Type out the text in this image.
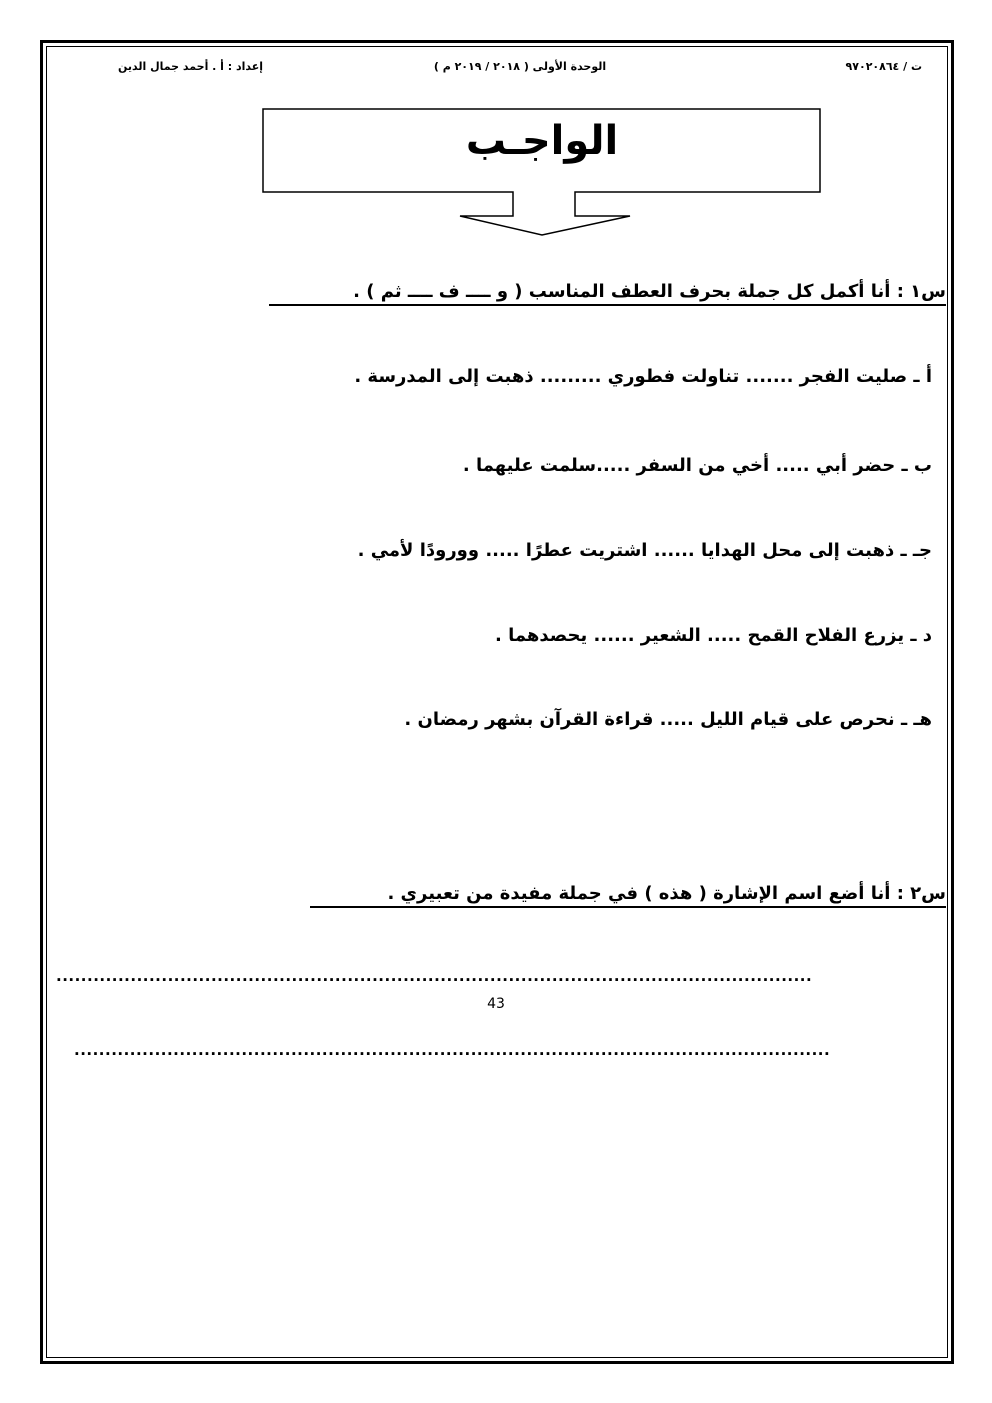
ت / ٩٧٠٢٠٨٦٤
الوحدة الأولى ( ٢٠١٨ / ٢٠١٩ م )
إعداد : أ . أحمد جمال الدين
الواجـب
س١ : أنا أكمل كل جملة بحرف العطف المناسب ( و ــــ ف ــــ ثم ) .
أ ـ صليت الفجر ....... تناولت فطوري ......... ذهبت إلى المدرسة .
ب ـ حضر أبي ..... أخي من السفر .....سلمت عليهما .
جـ ـ ذهبت إلى محل الهدايا ...... اشتريت عطرًا ..... وورودًا لأمي .
د ـ يزرع الفلاح القمح ..... الشعير ...... يحصدهما .
هـ ـ نحرص على قيام الليل ..... قراءة القرآن بشهر رمضان .
س٢ : أنا أضع اسم الإشارة ( هذه ) في جملة مفيدة من تعبيري .
..........................................................................................................................
..........................................................................................................................
43
